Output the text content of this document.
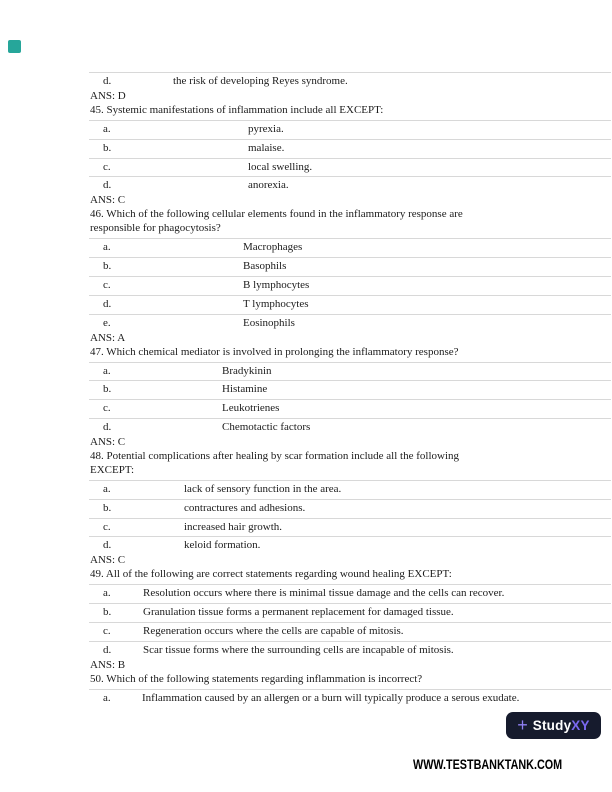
d.	the risk of developing Reyes syndrome.
ANS: D
45. Systemic manifestations of inflammation include all EXCEPT:
a.	pyrexia.
b.	malaise.
c.	local swelling.
d.	anorexia.
ANS: C
46. Which of the following cellular elements found in the inflammatory response are
responsible for phagocytosis?
a.	Macrophages
b.	Basophils
c.	B lymphocytes
d.	T lymphocytes
e.	Eosinophils
ANS: A
47. Which chemical mediator is involved in prolonging the inflammatory response?
a.	Bradykinin
b.	Histamine
c.	Leukotrienes
d.	Chemotactic factors
ANS: C
48. Potential complications after healing by scar formation include all the following
EXCEPT:
a.	lack of sensory function in the area.
b.	contractures and adhesions.
c.	increased hair growth.
d.	keloid formation.
ANS: C
49. All of the following are correct statements regarding wound healing EXCEPT:
a.	Resolution occurs where there is minimal tissue damage and the cells can recover.
b.	Granulation tissue forms a permanent replacement for damaged tissue.
c.	Regeneration occurs where the cells are capable of mitosis.
d.	Scar tissue forms where the surrounding cells are incapable of mitosis.
ANS: B
50. Which of the following statements regarding inflammation is incorrect?
a.	Inflammation caused by an allergen or a burn will typically produce a serous exudate.
+ StudyXY
WWW.TESTBANKTANK.COM
